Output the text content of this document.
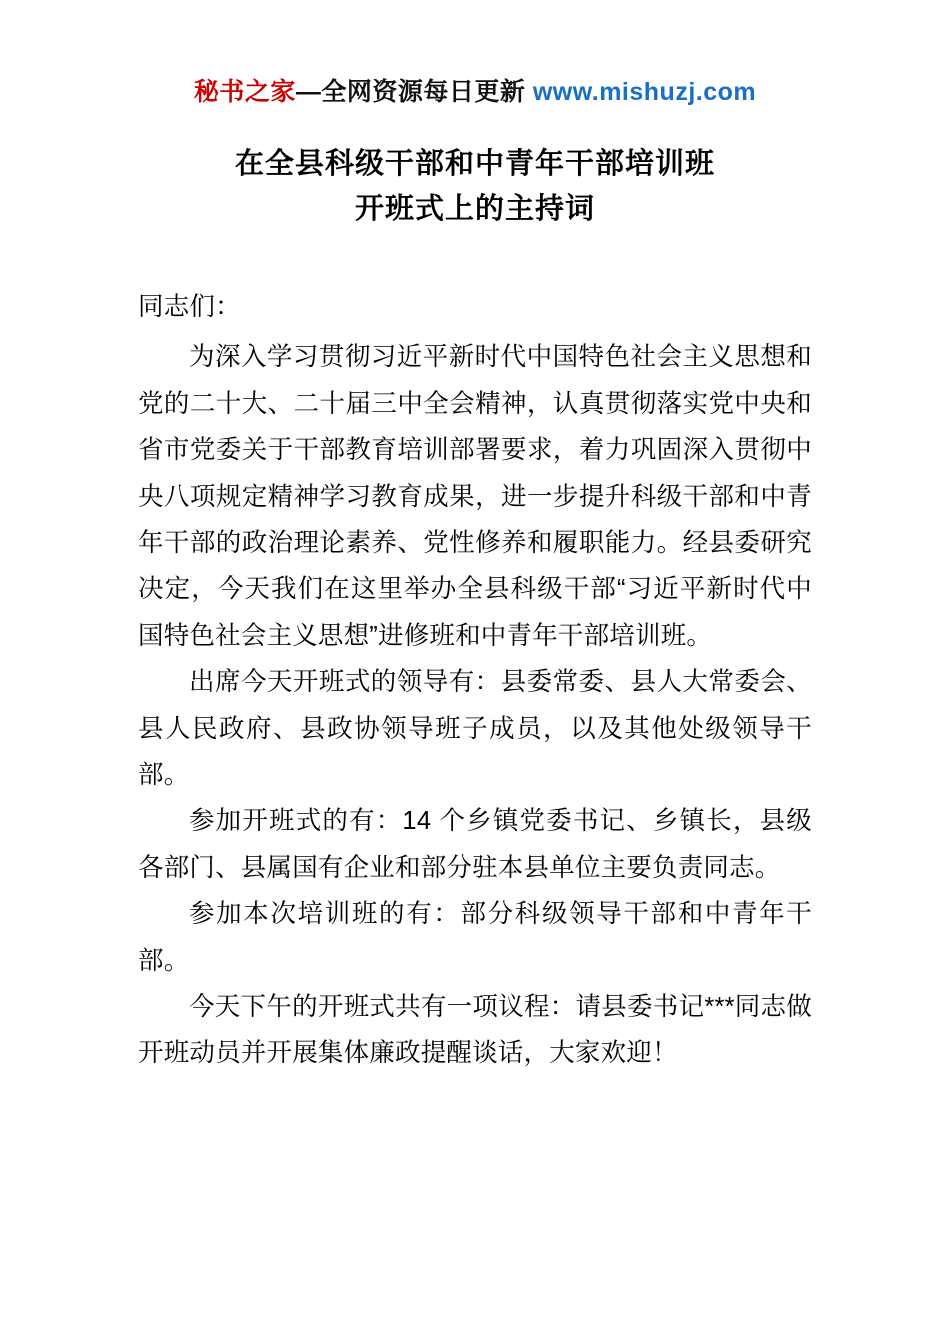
秘书之家—全网资源每日更新 www.mishuzj.com
在全县科级干部和中青年干部培训班
开班式上的主持词

同志们：

为深入学习贯彻习近平新时代中国特色社会主义思想和党的二十大、二十届三中全会精神，认真贯彻落实党中央和省市党委关于干部教育培训部署要求，着力巩固深入贯彻中央八项规定精神学习教育成果，进一步提升科级干部和中青年干部的政治理论素养、党性修养和履职能力。经县委研究决定，今天我们在这里举办全县科级干部“习近平新时代中国特色社会主义思想”进修班和中青年干部培训班。

出席今天开班式的领导有：县委常委、县人大常委会、县人民政府、县政协领导班子成员，以及其他处级领导干部。

参加开班式的有：14 个乡镇党委书记、乡镇长，县级各部门、县属国有企业和部分驻本县单位主要负责同志。

参加本次培训班的有：部分科级领导干部和中青年干部。

今天下午的开班式共有一项议程：请县委书记***同志做开班动员并开展集体廉政提醒谈话，大家欢迎！
